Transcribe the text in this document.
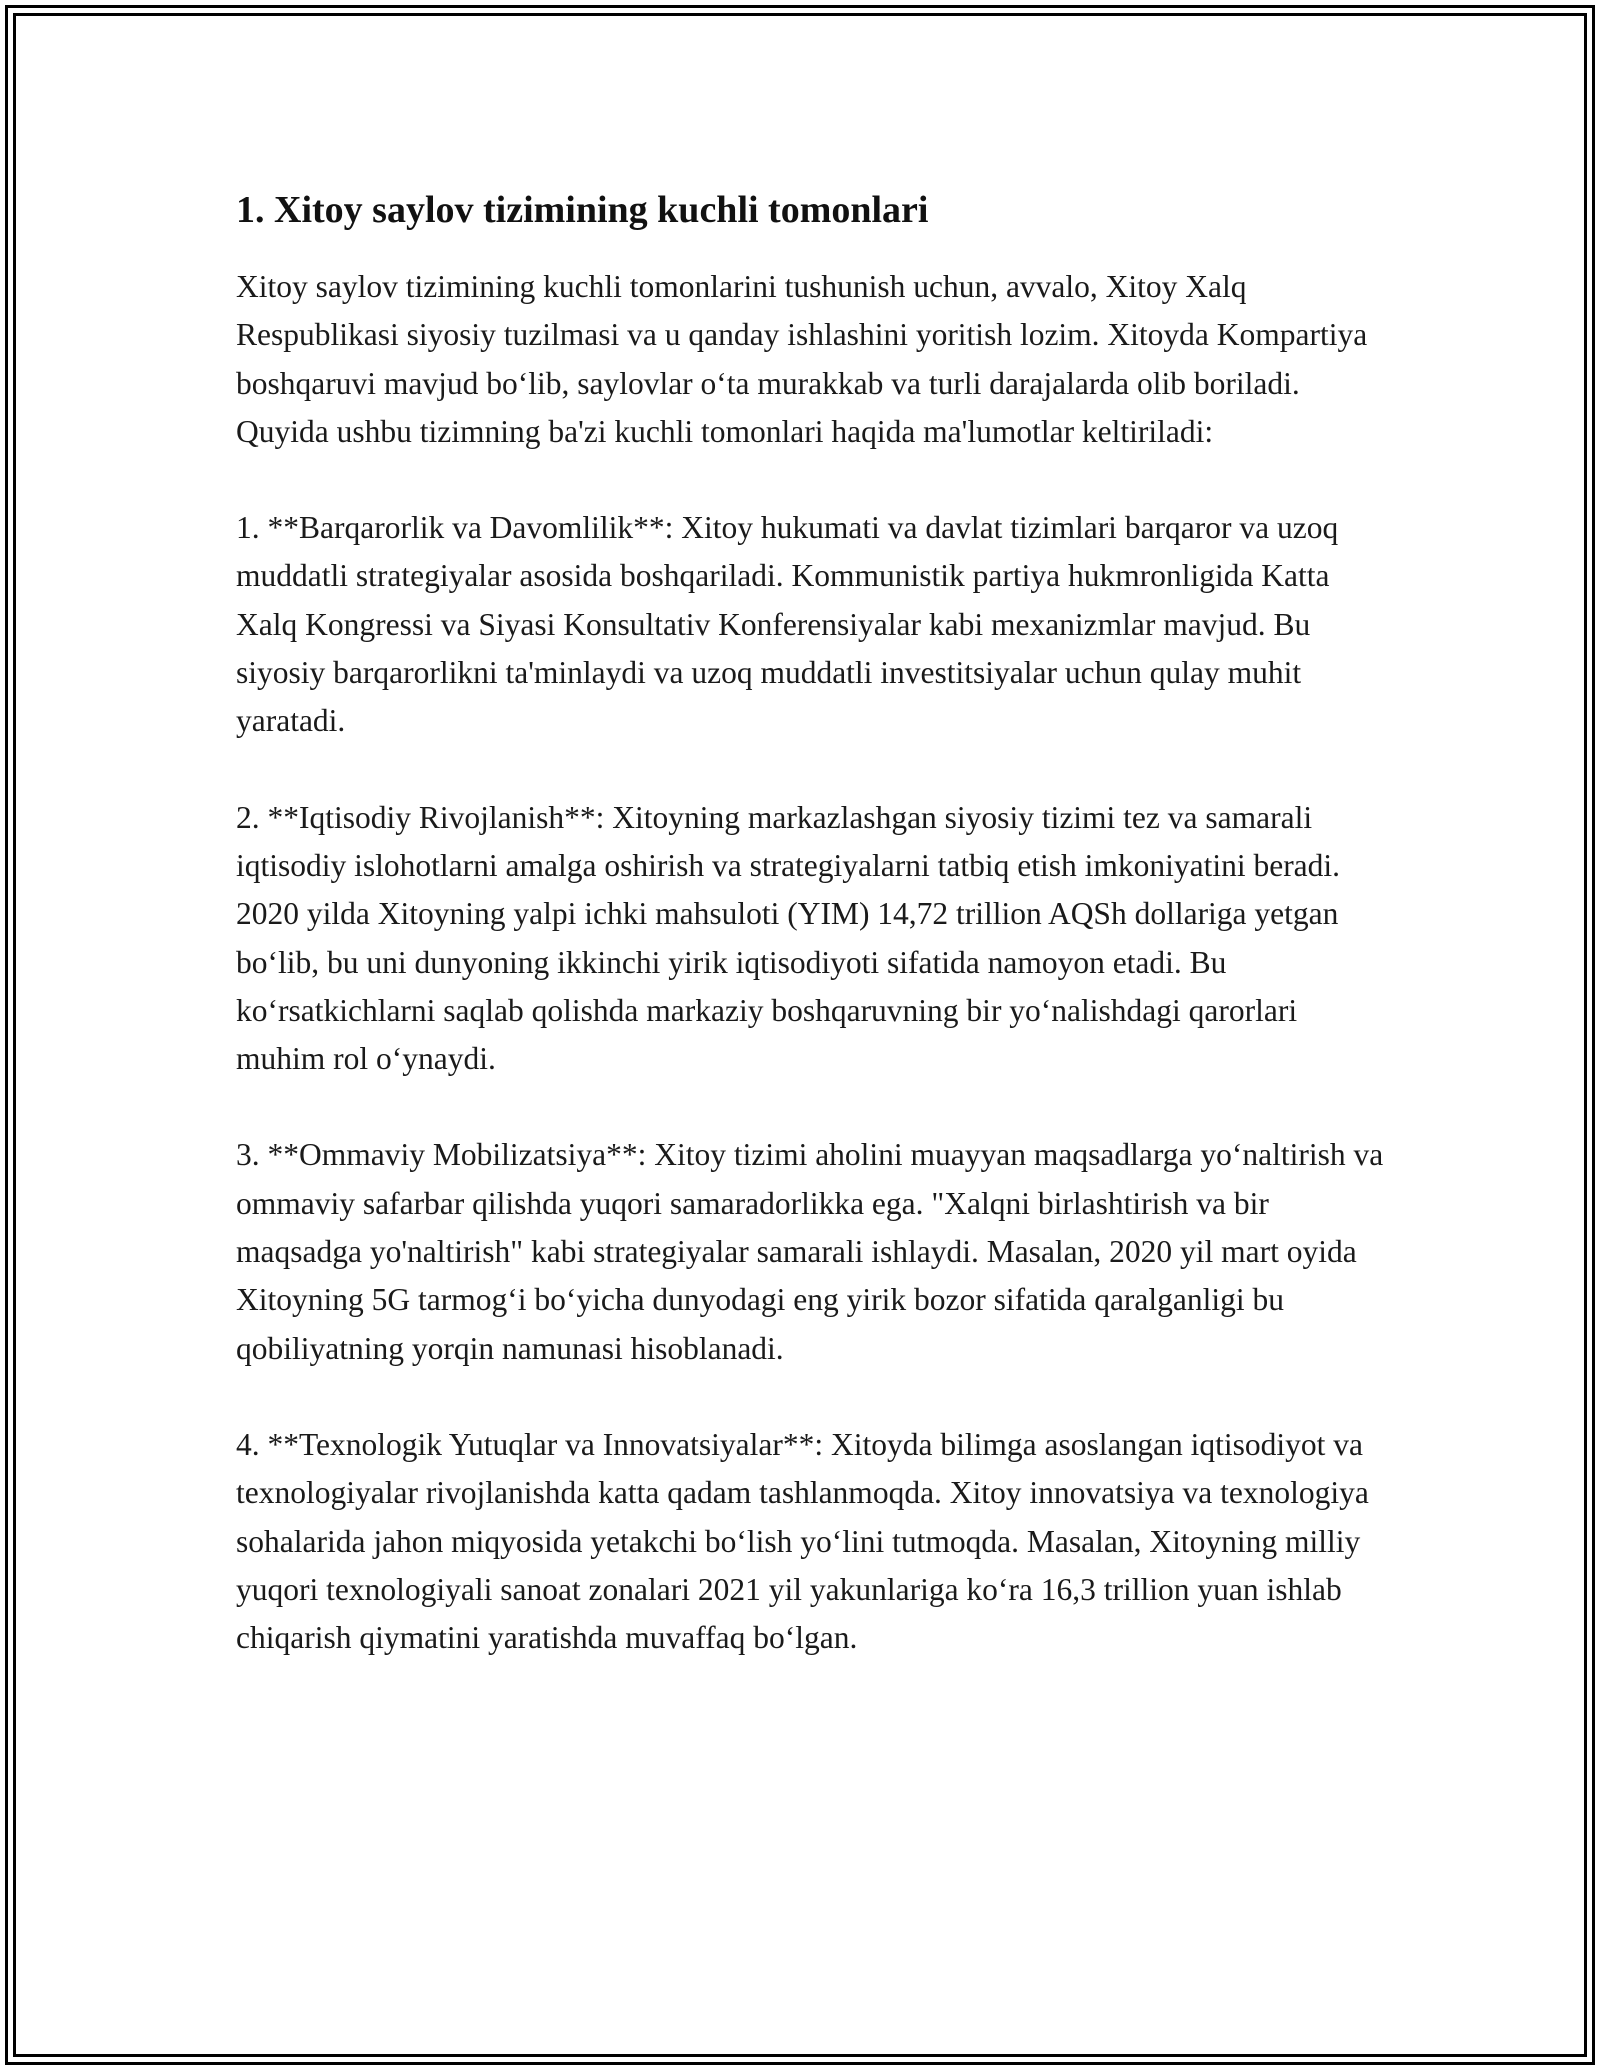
1. Xitoy saylov tizimining kuchli tomonlari

Xitoy saylov tizimining kuchli tomonlarini tushunish uchun, avvalo, Xitoy Xalq Respublikasi siyosiy tuzilmasi va u qanday ishlashini yoritish lozim. Xitoyda Kompartiya boshqaruvi mavjud bo‘lib, saylovlar o‘ta murakkab va turli darajalarda olib boriladi. Quyida ushbu tizimning ba'zi kuchli tomonlari haqida ma'lumotlar keltiriladi:

1. **Barqarorlik va Davomlilik**: Xitoy hukumati va davlat tizimlari barqaror va uzoq muddatli strategiyalar asosida boshqariladi. Kommunistik partiya hukmronligida Katta Xalq Kongressi va Siyasi Konsultativ Konferensiyalar kabi mexanizmlar mavjud. Bu siyosiy barqarorlikni ta'minlaydi va uzoq muddatli investitsiyalar uchun qulay muhit yaratadi.

2. **Iqtisodiy Rivojlanish**: Xitoyning markazlashgan siyosiy tizimi tez va samarali iqtisodiy islohotlarni amalga oshirish va strategiyalarni tatbiq etish imkoniyatini beradi. 2020 yilda Xitoyning yalpi ichki mahsuloti (YIM) 14,72 trillion AQSh dollariga yetgan bo‘lib, bu uni dunyoning ikkinchi yirik iqtisodiyoti sifatida namoyon etadi. Bu ko‘rsatkichlarni saqlab qolishda markaziy boshqaruvning bir yo‘nalishdagi qarorlari muhim rol o‘ynaydi.

3. **Ommaviy Mobilizatsiya**: Xitoy tizimi aholini muayyan maqsadlarga yo‘naltirish va ommaviy safarbar qilishda yuqori samaradorlikka ega. "Xalqni birlashtirish va bir maqsadga yo'naltirish" kabi strategiyalar samarali ishlaydi. Masalan, 2020 yil mart oyida Xitoyning 5G tarmog‘i bo‘yicha dunyodagi eng yirik bozor sifatida qaralganligi bu qobiliyatning yorqin namunasi hisoblanadi.

4. **Texnologik Yutuqlar va Innovatsiyalar**: Xitoyda bilimga asoslangan iqtisodiyot va texnologiyalar rivojlanishda katta qadam tashlanmoqda. Xitoy innovatsiya va texnologiya sohalarida jahon miqyosida yetakchi bo‘lish yo‘lini tutmoqda. Masalan, Xitoyning milliy yuqori texnologiyali sanoat zonalari 2021 yil yakunlariga ko‘ra 16,3 trillion yuan ishlab chiqarish qiymatini yaratishda muvaffaq bo‘lgan.
